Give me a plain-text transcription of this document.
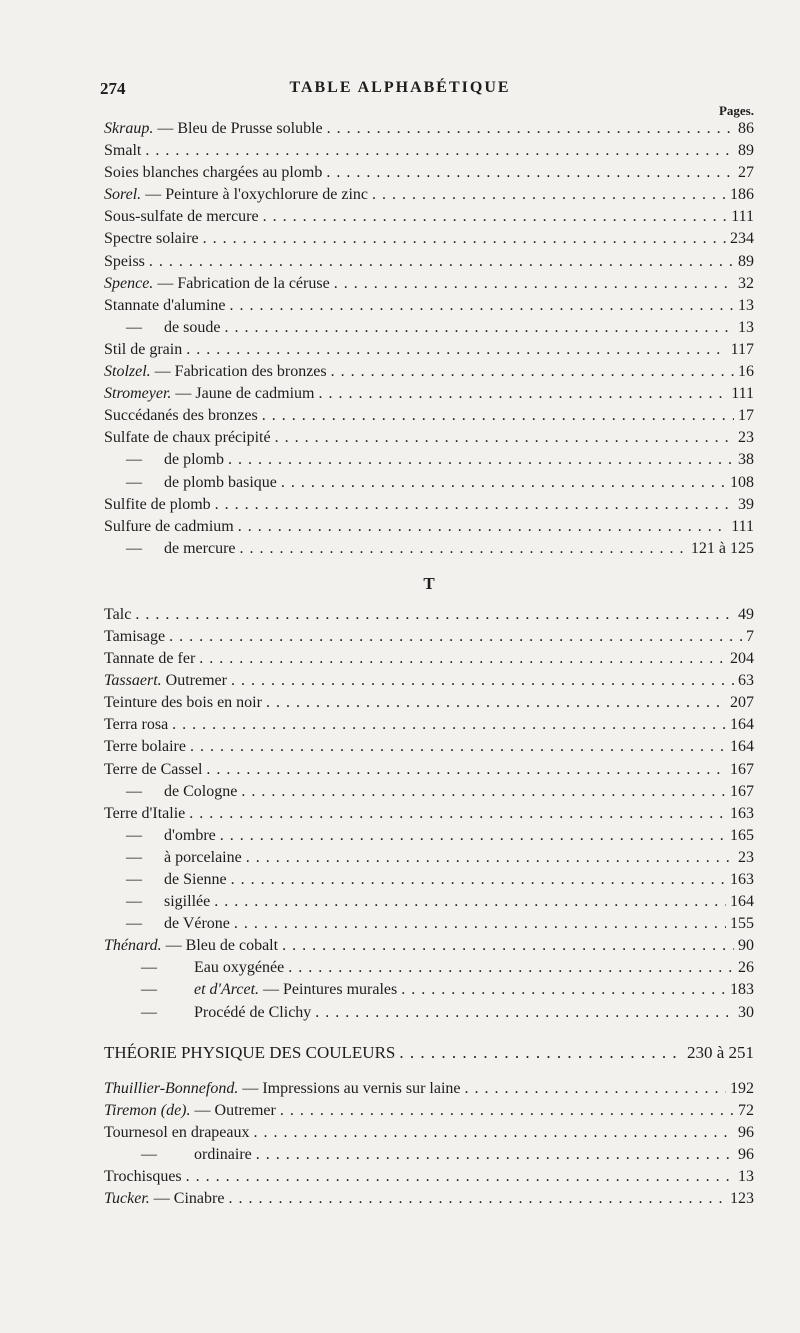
274	TABLE ALPHABÉTIQUE
Pages.
Skraup. — Bleu de Prusse soluble . . .	86
Smalt . . .	89
Soies blanches chargées au plomb . . .	27
Sorel. — Peinture à l'oxychlorure de zinc . . .	186
Sous-sulfate de mercure . . .	111
Spectre solaire . . .	234
Speiss . . .	89
Spence. — Fabrication de la céruse . . .	32
Stannate d'alumine . . .	13
— de soude . . .	13
Stil de grain . . .	117
Stolzel. — Fabrication des bronzes . . .	16
Stromeyer. — Jaune de cadmium . . .	111
Succédanés des bronzes . . .	17
Sulfate de chaux précipité . . .	23
— de plomb . . .	38
— de plomb basique . . .	108
Sulfite de plomb . . .	39
Sulfure de cadmium . . .	111
— de mercure . . .	121 à 125
T
Talc . . .	49
Tamisage . . .	7
Tannate de fer . . .	204
Tassaert. Outremer . . .	63
Teinture des bois en noir . . .	207
Terra rosa . . .	164
Terre bolaire . . .	164
Terre de Cassel . . .	167
— de Cologne . . .	167
Terre d'Italie . . .	163
— d'ombre . . .	165
— à porcelaine . . .	23
— de Sienne . . .	163
— sigillée . . .	164
— de Vérone . . .	155
Thénard. — Bleu de cobalt . . .	90
— Eau oxygénée . . .	26
— et d'Arcet. — Peintures murales . . .	183
— Procédé de Clichy . . .	30
THÉORIE PHYSIQUE DES COULEURS . . .	230 à 251
Thuillier-Bonnefond. — Impressions au vernis sur laine . . .	192
Tiremon (de). — Outremer . . .	72
Tournesol en drapeaux . . .	96
— ordinaire . . .	96
Trochisques . . .	13
Tucker. — Cinabre . . .	123
